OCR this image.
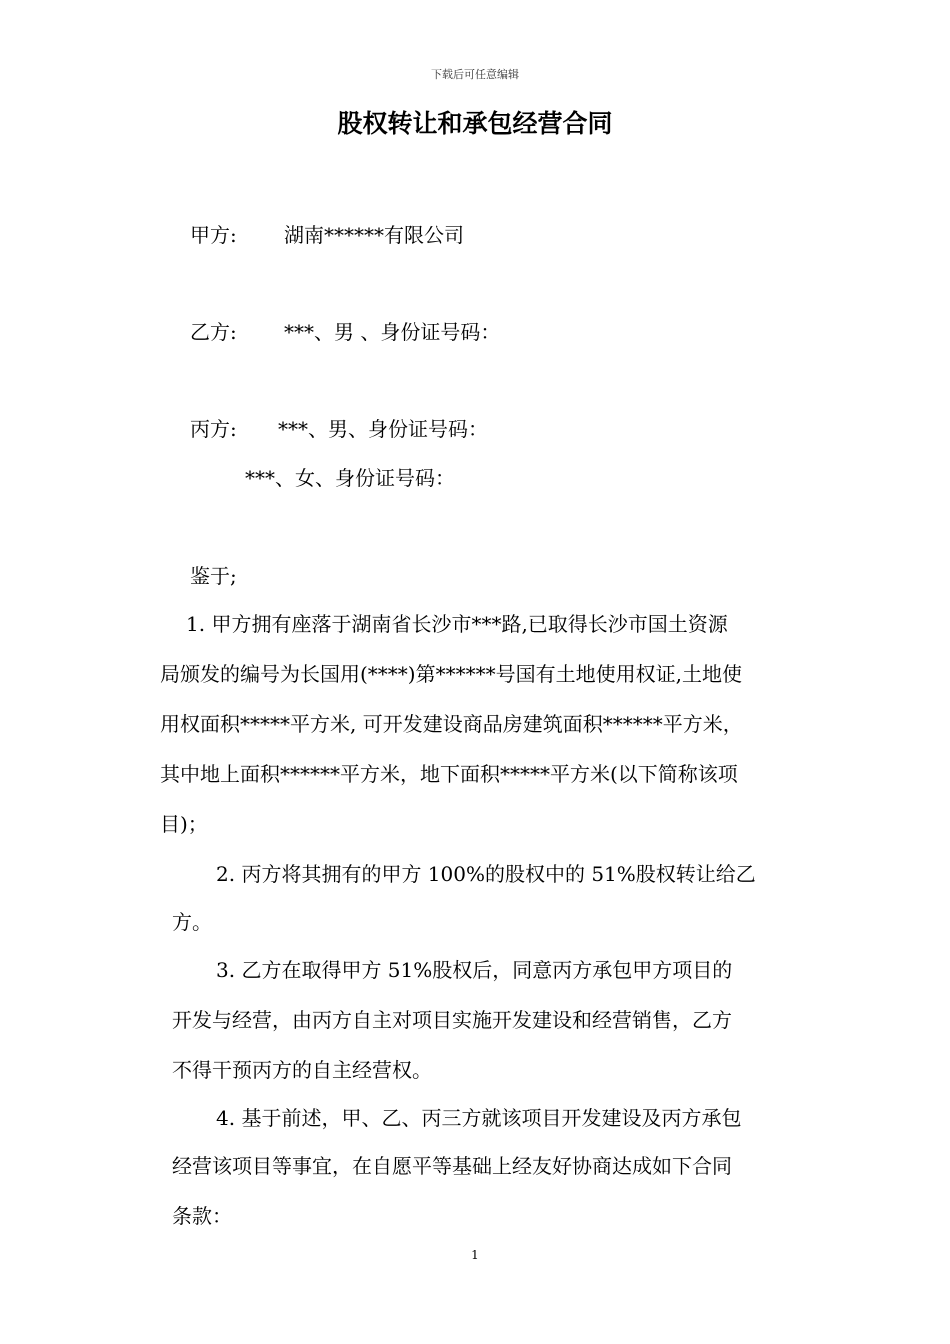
下载后可任意编辑
股权转让和承包经营合同
甲方: 湖南******有限公司
乙方: ***、男 、身份证号码：
丙方: ***、男、身份证号码：
***、女、身份证号码：
鉴于;
1. 甲方拥有座落于湖南省长沙市***路,已取得长沙市国土资源
局颁发的编号为长国用(****)第******号国有土地使用权证,土地使
用权面积*****平方米, 可开发建设商品房建筑面积******平方米，
其中地上面积******平方米，地下面积*****平方米(以下简称该项
目)；
2. 丙方将其拥有的甲方 100%的股权中的 51%股权转让给乙
方。
3. 乙方在取得甲方 51%股权后，同意丙方承包甲方项目的
开发与经营，由丙方自主对项目实施开发建设和经营销售，乙方
不得干预丙方的自主经营权。
4. 基于前述，甲、乙、丙三方就该项目开发建设及丙方承包
经营该项目等事宜，在自愿平等基础上经友好协商达成如下合同
条款：
1
